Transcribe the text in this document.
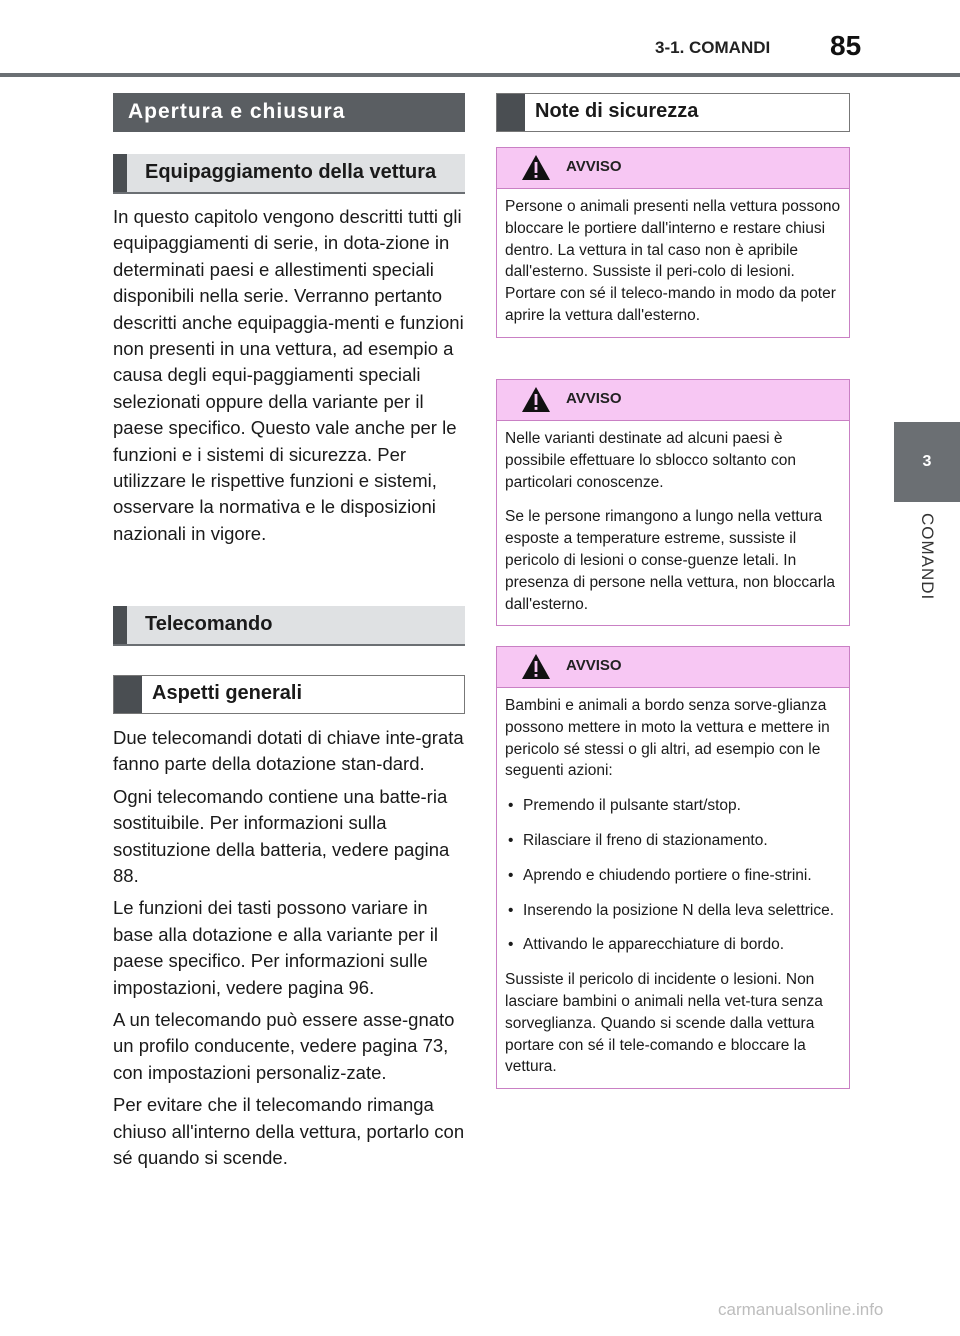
3-1. COMANDI 85
3
COMANDI
Apertura e chiusura
Equipaggiamento della vettura

In questo capitolo vengono descritti tutti gli equipaggiamenti di serie, in dota-zione in determinati paesi e allestimenti speciali disponibili nella serie. Verranno pertanto descritti anche equipaggia-menti e funzioni non presenti in una vettura, ad esempio a causa degli equi-paggiamenti speciali selezionati oppure della variante per il paese specifico. Questo vale anche per le funzioni e i sistemi di sicurezza. Per utilizzare le rispettive funzioni e sistemi, osservare la normativa e le disposizioni nazionali in vigore.

Telecomando
Aspetti generali

Due telecomandi dotati di chiave inte-grata fanno parte della dotazione stan-dard.

Ogni telecomando contiene una batte-ria sostituibile. Per informazioni sulla sostituzione della batteria, vedere pagina 88.

Le funzioni dei tasti possono variare in base alla dotazione e alla variante per il paese specifico. Per informazioni sulle impostazioni, vedere pagina 96.

A un telecomando può essere asse-gnato un profilo conducente, vedere pagina 73, con impostazioni personaliz-zate.

Per evitare che il telecomando rimanga chiuso all'interno della vettura, portarlo con sé quando si scende.

Note di sicurezza
AVVISO

Persone o animali presenti nella vettura possono bloccare le portiere dall'interno e restare chiusi dentro. La vettura in tal caso non è apribile dall'esterno. Sussiste il peri-colo di lesioni. Portare con sé il teleco-mando in modo da poter aprire la vettura dall'esterno.

AVVISO

Nelle varianti destinate ad alcuni paesi è possibile effettuare lo sblocco soltanto con particolari conoscenze.

Se le persone rimangono a lungo nella vettura esposte a temperature estreme, sussiste il pericolo di lesioni o conse-guenze letali. In presenza di persone nella vettura, non bloccarla dall'esterno.

AVVISO

Bambini e animali a bordo senza sorve-glianza possono mettere in moto la vettura e mettere in pericolo sé stessi o gli altri, ad esempio con le seguenti azioni:

• Premendo il pulsante start/stop.
• Rilasciare il freno di stazionamento.
• Aprendo e chiudendo portiere o fine-strini.
• Inserendo la posizione N della leva selettrice.
• Attivando le apparecchiature di bordo.

Sussiste il pericolo di incidente o lesioni. Non lasciare bambini o animali nella vet-tura senza sorveglianza. Quando si scende dalla vettura portare con sé il tele-comando e bloccare la vettura.

carmanualsonline.info
